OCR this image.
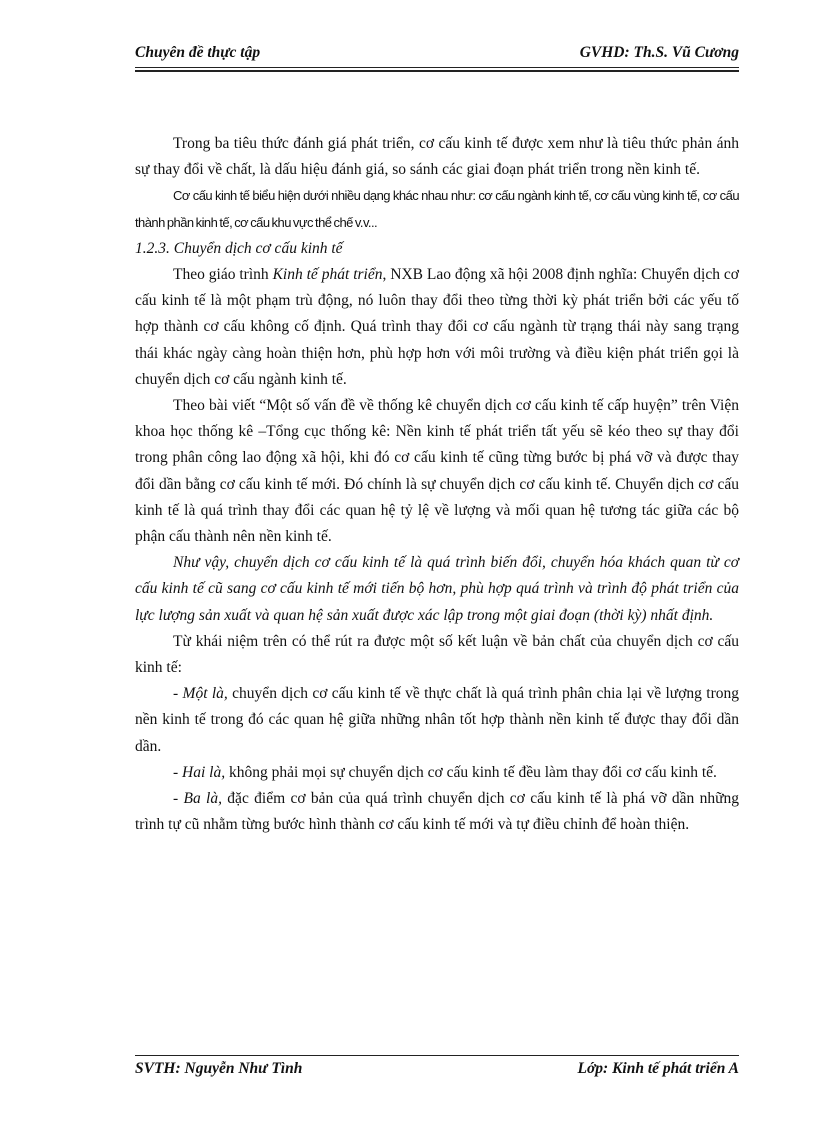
Chuyên đề thực tập	GVHD: Th.S. Vũ Cương

Trong ba tiêu thức đánh giá phát triển, cơ cấu kinh tế được xem như là tiêu thức phản ánh sự thay đổi về chất, là dấu hiệu đánh giá, so sánh các giai đoạn phát triển trong nền kinh tế.

Cơ cấu kinh tế biểu hiện dưới nhiều dạng khác nhau như: cơ cấu ngành kinh tế, cơ cấu vùng kinh tế, cơ cấu thành phần kinh tế, cơ cấu khu vực thể chế v.v...

1.2.3. Chuyển dịch cơ cấu kinh tế

Theo giáo trình Kinh tế phát triển, NXB Lao động xã hội 2008 định nghĩa: Chuyển dịch cơ cấu kinh tế là một phạm trù động, nó luôn thay đổi theo từng thời kỳ phát triển bởi các yếu tố hợp thành cơ cấu không cố định. Quá trình thay đổi cơ cấu ngành từ trạng thái này sang trạng thái khác ngày càng hoàn thiện hơn, phù hợp hơn với môi trường và điều kiện phát triển gọi là chuyển dịch cơ cấu ngành kinh tế.

Theo bài viết “Một số vấn đề về thống kê chuyển dịch cơ cấu kinh tế cấp huyện” trên Viện khoa học thống kê –Tổng cục thống kê: Nền kinh tế phát triển tất yếu sẽ kéo theo sự thay đổi trong phân công lao động xã hội, khi đó cơ cấu kinh tế cũng từng bước bị phá vỡ và được thay đổi dần bằng cơ cấu kinh tế mới. Đó chính là sự chuyển dịch cơ cấu kinh tế. Chuyển dịch cơ cấu kinh tế là quá trình thay đổi các quan hệ tỷ lệ về lượng và mối quan hệ tương tác giữa các bộ phận cấu thành nên nền kinh tế.

Như vậy, chuyển dịch cơ cấu kinh tế là quá trình biến đổi, chuyển hóa khách quan từ cơ cấu kinh tế cũ sang cơ cấu kinh tế mới tiến bộ hơn, phù hợp quá trình và trình độ phát triển của lực lượng sản xuất và quan hệ sản xuất được xác lập trong một giai đoạn (thời kỳ) nhất định.

Từ khái niệm trên có thể rút ra được một số kết luận về bản chất của chuyển dịch cơ cấu kinh tế:

- Một là, chuyển dịch cơ cấu kinh tế về thực chất là quá trình phân chia lại về lượng trong nền kinh tế trong đó các quan hệ giữa những nhân tốt hợp thành nền kinh tế được thay đổi dần dần.

- Hai là, không phải mọi sự chuyển dịch cơ cấu kinh tế đều làm thay đổi cơ cấu kinh tế.

- Ba là, đặc điểm cơ bản của quá trình chuyển dịch cơ cấu kinh tế là phá vỡ dần những trình tự cũ nhằm từng bước hình thành cơ cấu kinh tế mới và tự điều chỉnh để hoàn thiện.

SVTH: Nguyễn Như Tình	Lớp: Kinh tế phát triển A
